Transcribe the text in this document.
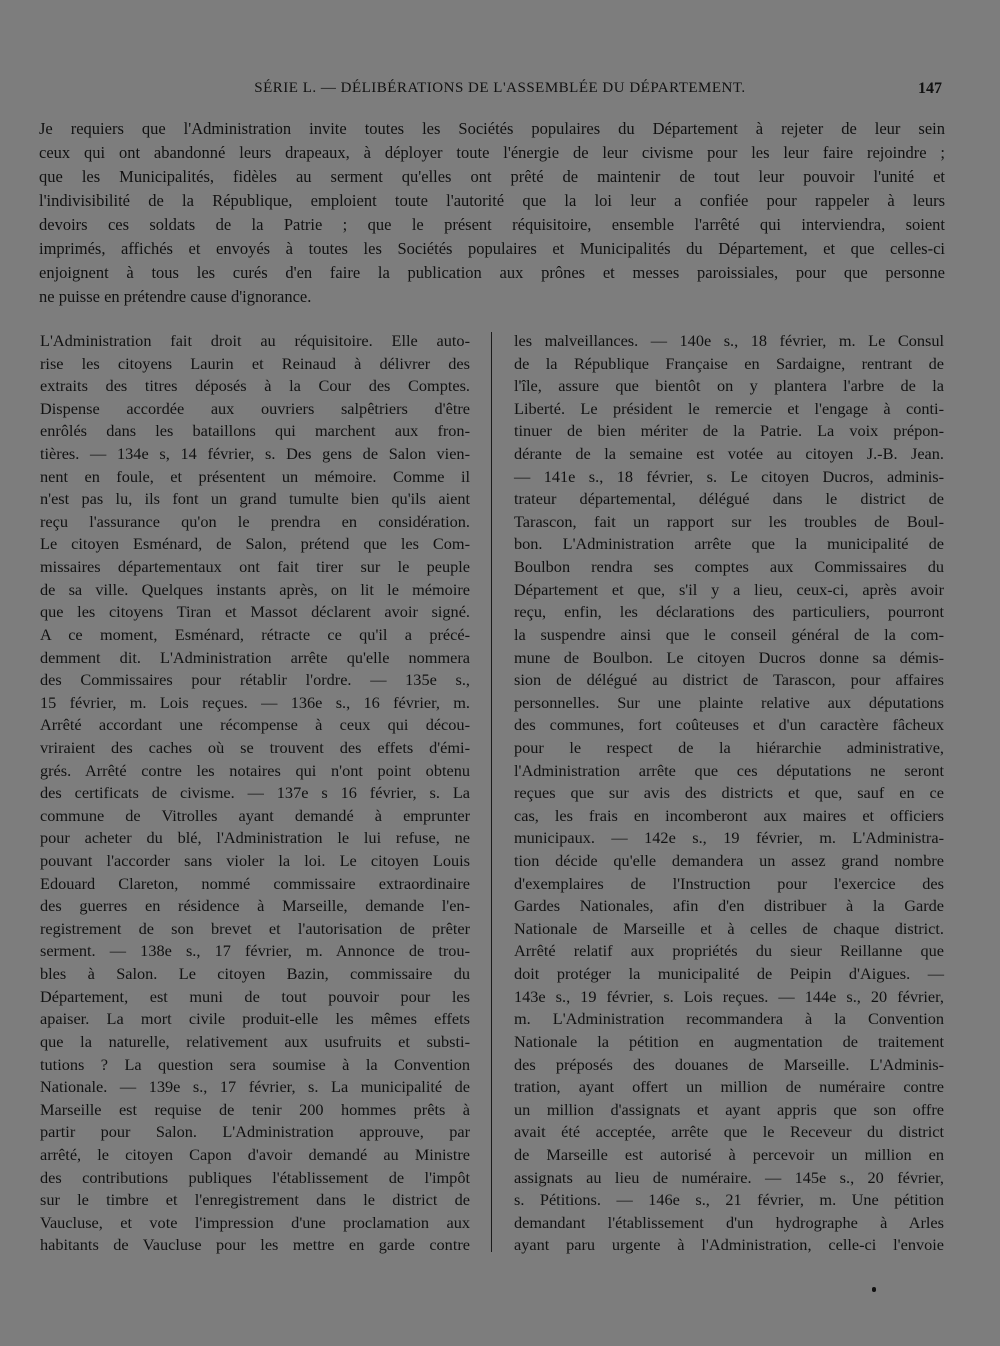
SÉRIE L. — DÉLIBÉRATIONS DE L'ASSEMBLÉE DU DÉPARTEMENT.	147
Je requiers que l'Administration invite toutes les Sociétés populaires du Département à rejeter de leur sein
ceux qui ont abandonné leurs drapeaux, à déployer toute l'énergie de leur civisme pour les leur faire rejoindre ;
que les Municipalités, fidèles au serment qu'elles ont prêté de maintenir de tout leur pouvoir l'unité et
l'indivisibilité de la République, emploient toute l'autorité que la loi leur a confiée pour rappeler à leurs
devoirs ces soldats de la Patrie ; que le présent réquisitoire, ensemble l'arrêté qui interviendra, soient
imprimés, affichés et envoyés à toutes les Sociétés populaires et Municipalités du Département, et que celles-ci
enjoignent à tous les curés d'en faire la publication aux prônes et messes paroissiales, pour que personne
ne puisse en prétendre cause d'ignorance.
L'Administration fait droit au réquisitoire. Elle auto-
rise les citoyens Laurin et Reinaud à délivrer des
extraits des titres déposés à la Cour des Comptes.
Dispense accordée aux ouvriers salpêtriers d'être
enrôlés dans les bataillons qui marchent aux fron-
tières. — 134e s, 14 février, s. Des gens de Salon vien-
nent en foule, et présentent un mémoire. Comme il
n'est pas lu, ils font un grand tumulte bien qu'ils aient
reçu l'assurance qu'on le prendra en considération.
Le citoyen Esménard, de Salon, prétend que les Com-
missaires départementaux ont fait tirer sur le peuple
de sa ville. Quelques instants après, on lit le mémoire
que les citoyens Tiran et Massot déclarent avoir signé.
A ce moment, Esménard, rétracte ce qu'il a précé-
demment dit. L'Administration arrête qu'elle nommera
des Commissaires pour rétablir l'ordre. — 135e s.,
15 février, m. Lois reçues. — 136e s., 16 février, m.
Arrêté accordant une récompense à ceux qui décou-
vriraient des caches où se trouvent des effets d'émi-
grés. Arrêté contre les notaires qui n'ont point obtenu
des certificats de civisme. — 137e s 16 février, s. La
commune de Vitrolles ayant demandé à emprunter
pour acheter du blé, l'Administration le lui refuse, ne
pouvant l'accorder sans violer la loi. Le citoyen Louis
Edouard Clareton, nommé commissaire extraordinaire
des guerres en résidence à Marseille, demande l'en-
registrement de son brevet et l'autorisation de prêter
serment. — 138e s., 17 février, m. Annonce de trou-
bles à Salon. Le citoyen Bazin, commissaire du
Département, est muni de tout pouvoir pour les
apaiser. La mort civile produit-elle les mêmes effets
que la naturelle, relativement aux usufruits et substi-
tutions ? La question sera soumise à la Convention
Nationale. — 139e s., 17 février, s. La municipalité de
Marseille est requise de tenir 200 hommes prêts à
partir pour Salon. L'Administration approuve, par
arrêté, le citoyen Capon d'avoir demandé au Ministre
des contributions publiques l'établissement de l'impôt
sur le timbre et l'enregistrement dans le district de
Vaucluse, et vote l'impression d'une proclamation aux
habitants de Vaucluse pour les mettre en garde contre
les malveillances. — 140e s., 18 février, m. Le Consul
de la République Française en Sardaigne, rentrant de
l'île, assure que bientôt on y plantera l'arbre de la
Liberté. Le président le remercie et l'engage à conti-
tinuer de bien mériter de la Patrie. La voix prépon-
dérante de la semaine est votée au citoyen J.-B. Jean.
— 141e s., 18 février, s. Le citoyen Ducros, adminis-
trateur départemental, délégué dans le district de
Tarascon, fait un rapport sur les troubles de Boul-
bon. L'Administration arrête que la municipalité de
Boulbon rendra ses comptes aux Commissaires du
Département et que, s'il y a lieu, ceux-ci, après avoir
reçu, enfin, les déclarations des particuliers, pourront
la suspendre ainsi que le conseil général de la com-
mune de Boulbon. Le citoyen Ducros donne sa démis-
sion de délégué au district de Tarascon, pour affaires
personnelles. Sur une plainte relative aux députations
des communes, fort coûteuses et d'un caractère fâcheux
pour le respect de la hiérarchie administrative,
l'Administration arrête que ces députations ne seront
reçues que sur avis des districts et que, sauf en ce
cas, les frais en incomberont aux maires et officiers
municipaux. — 142e s., 19 février, m. L'Administra-
tion décide qu'elle demandera un assez grand nombre
d'exemplaires de l'Instruction pour l'exercice des
Gardes Nationales, afin d'en distribuer à la Garde
Nationale de Marseille et à celles de chaque district.
Arrêté relatif aux propriétés du sieur Reillanne que
doit protéger la municipalité de Peipin d'Aigues. —
143e s., 19 février, s. Lois reçues. — 144e s., 20 février,
m. L'Administration recommandera à la Convention
Nationale la pétition en augmentation de traitement
des préposés des douanes de Marseille. L'Adminis-
tration, ayant offert un million de numéraire contre
un million d'assignats et ayant appris que son offre
avait été acceptée, arrête que le Receveur du district
de Marseille est autorisé à percevoir un million en
assignats au lieu de numéraire. — 145e s., 20 février,
s. Pétitions. — 146e s., 21 février, m. Une pétition
demandant l'établissement d'un hydrographe à Arles
ayant paru urgente à l'Administration, celle-ci l'envoie
